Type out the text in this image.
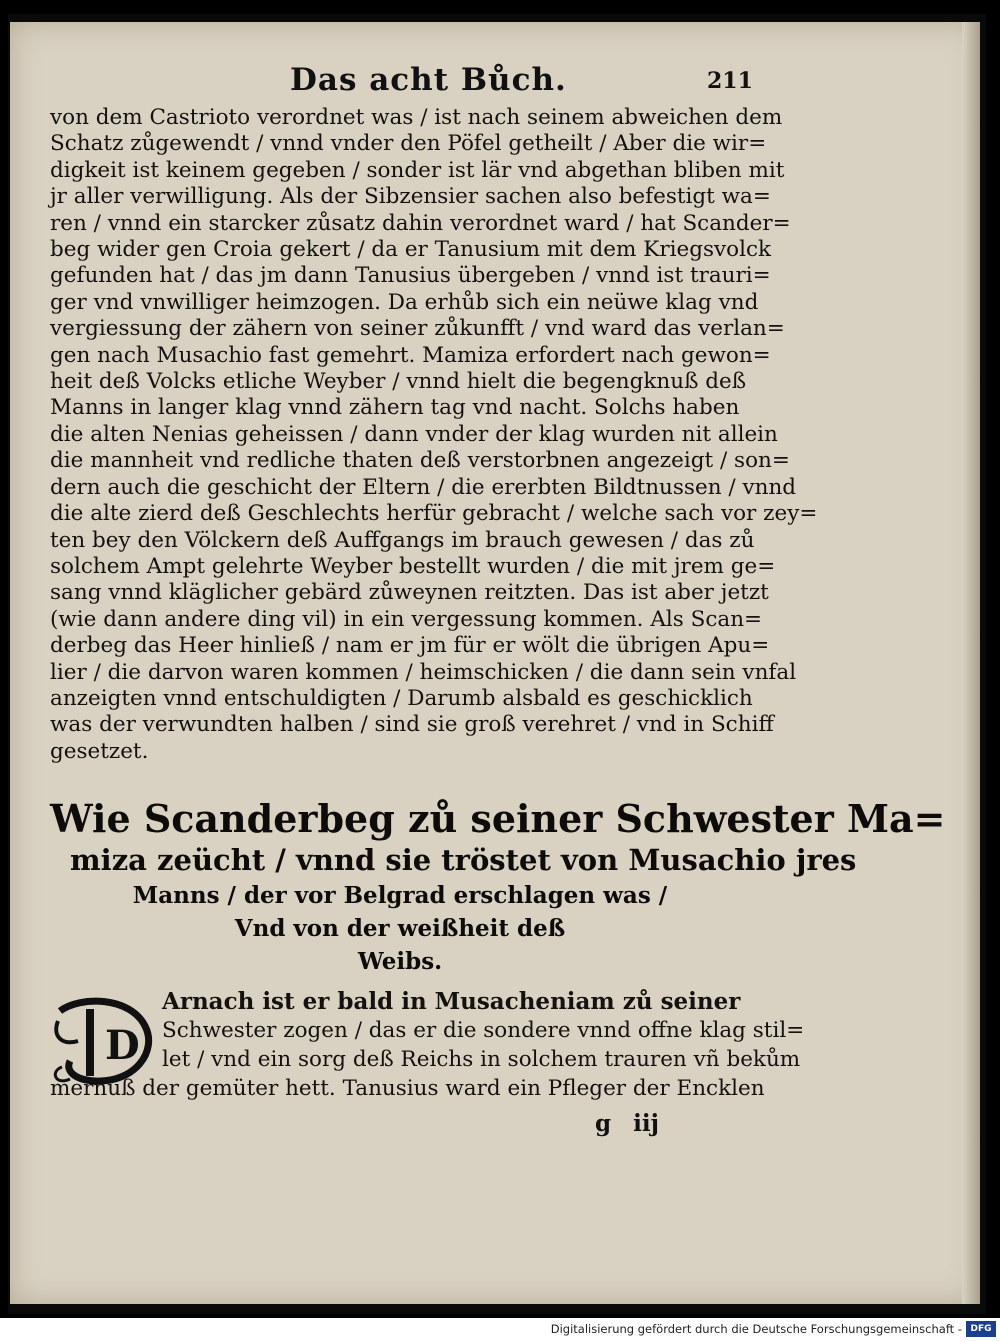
Das acht Bůch.	211
von dem Castrioto verordnet was / ist nach seinem abweichen dem
Schatz zůgewendt / vnnd vnder den Pöfel getheilt / Aber die wir=
digkeit ist keinem gegeben / sonder ist lär vnd abgethan bliben mit
jr aller verwilligung. Als der Sibzensier sachen also befestigt wa=
ren / vnnd ein starcker zůsatz dahin verordnet ward / hat Scander=
beg wider gen Croia gekert / da er Tanusium mit dem Kriegsvolck
gefunden hat / das jm dann Tanusius übergeben / vnnd ist trauri=
ger vnd vnwilliger heimzogen. Da erhůb sich ein neüwe klag vnd
vergiessung der zähern von seiner zůkunfft / vnd ward das verlan=
gen nach Musachio fast gemehrt. Mamiza erfordert nach gewon=
heit deß Volcks etliche Weyber / vnnd hielt die begengknuß deß
Manns in langer klag vnnd zähern tag vnd nacht. Solchs haben
die alten Nenias geheissen / dann vnder der klag wurden nit allein
die mannheit vnd redliche thaten deß verstorbnen angezeigt / son=
dern auch die geschicht der Eltern / die ererbten Bildtnussen / vnnd
die alte zierd deß Geschlechts herfür gebracht / welche sach vor zey=
ten bey den Völckern deß Auffgangs im brauch gewesen / das zů
solchem Ampt gelehrte Weyber bestellt wurden / die mit jrem ge=
sang vnnd kläglicher gebärd zůweynen reitzten. Das ist aber jetzt
(wie dann andere ding vil) in ein vergessung kommen. Als Scan=
derbeg das Heer hinließ / nam er jm für er wölt die übrigen Apu=
lier / die darvon waren kommen / heimschicken / die dann sein vnfal
anzeigten vnnd entschuldigten / Darumb alsbald es geschicklich
was der verwundten halben / sind sie groß verehret / vnd in Schiff
gesetzet.
Wie Scanderbeg zů seiner Schwester Ma=
miza zeücht / vnnd sie tröstet von Musachio jres
Manns / der vor Belgrad erschlagen was /
Vnd von der weißheit deß
Weibs.
D
Arnach ist er bald in Musacheniam zů seiner
Schwester zogen / das er die sondere vnnd offne klag stil=
let / vnd ein sorg deß Reichs in solchem trauren vñ bekům
mernuß der gemüter hett. Tanusius ward ein Pfleger der Encklen
g iij
Digitalisierung gefördert durch die Deutsche Forschungsgemeinschaft - DFG
